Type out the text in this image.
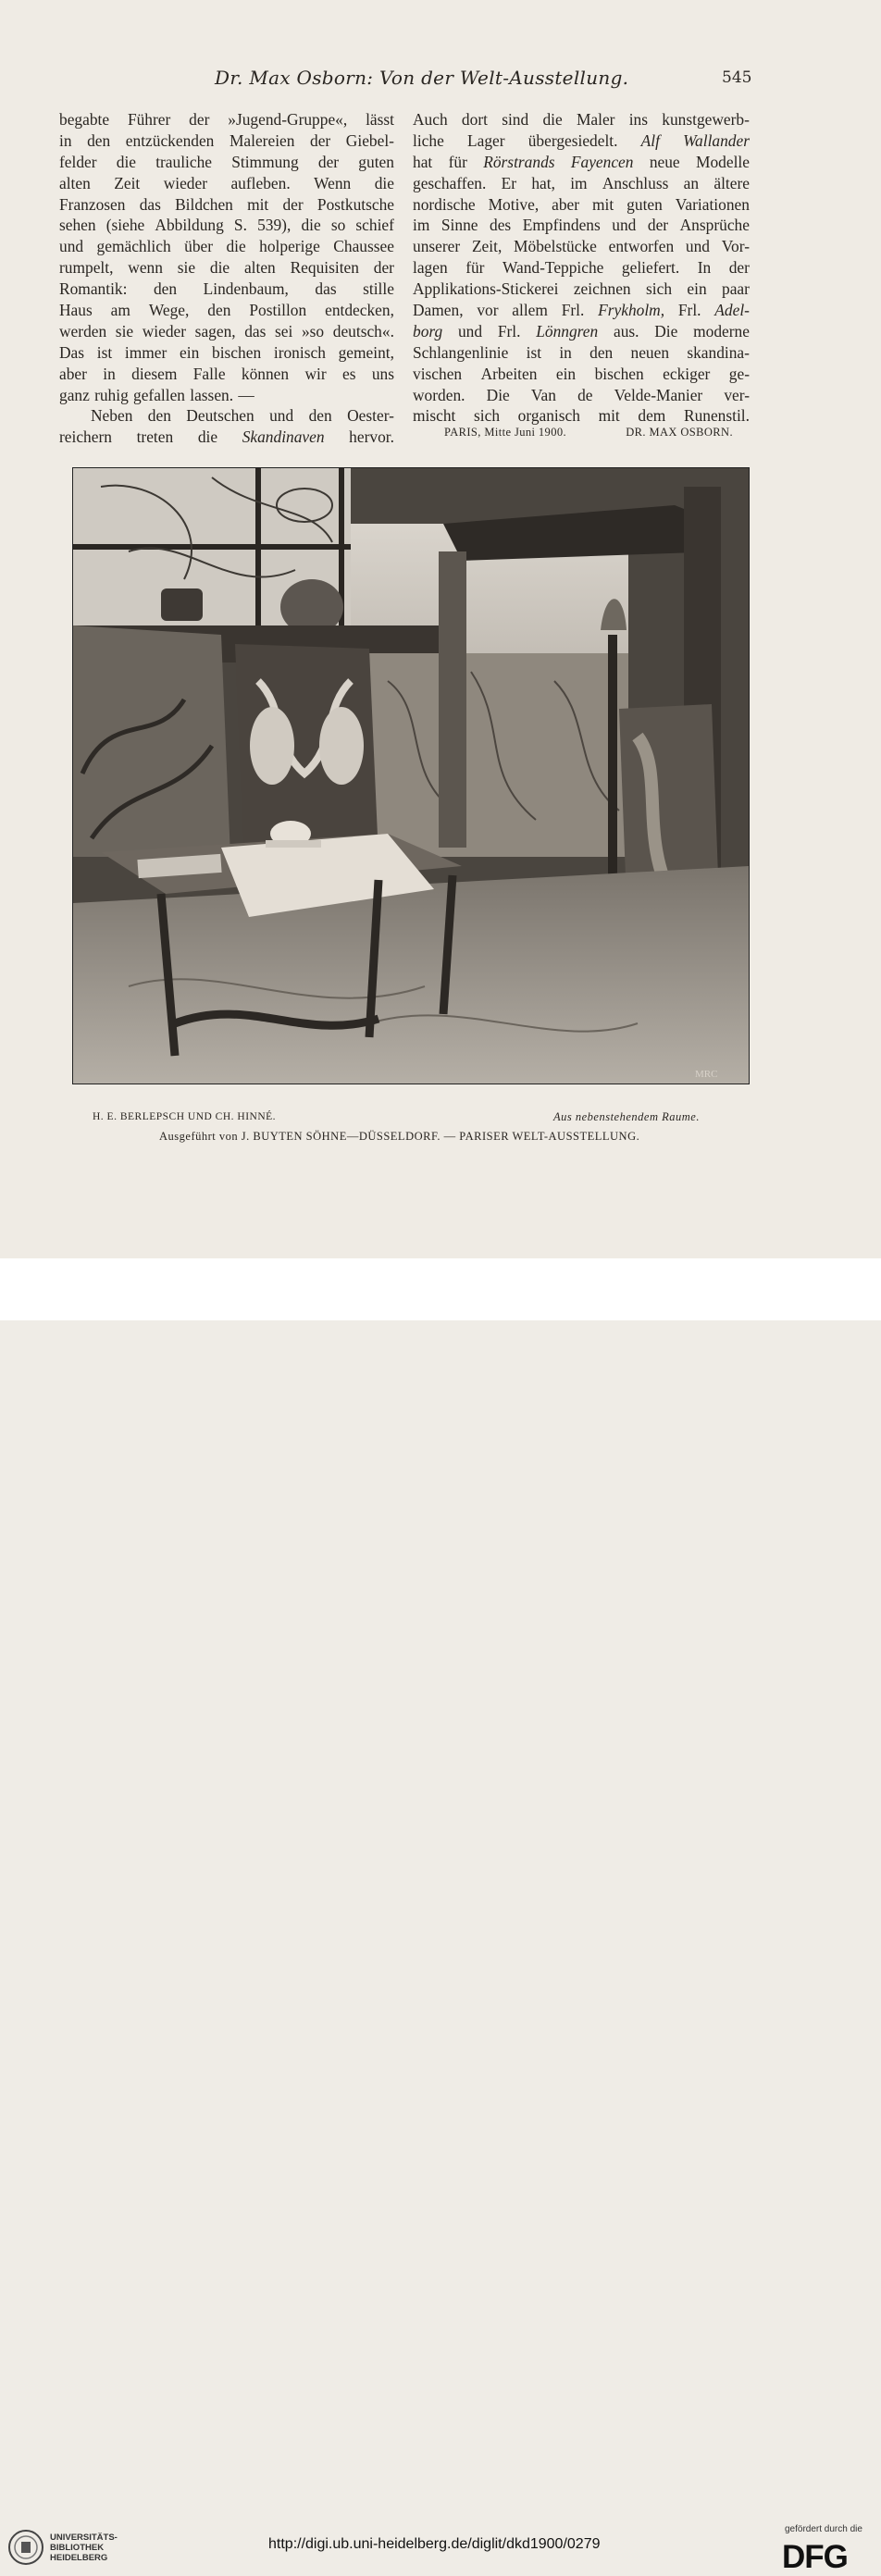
Dr. Max Osborn: Von der Welt-Ausstellung.	545
begabte Führer der »Jugend-Gruppe«, lässt
in den entzückenden Malereien der Giebel-
felder die trauliche Stimmung der guten
alten Zeit wieder aufleben. Wenn die
Franzosen das Bildchen mit der Postkutsche
sehen (siehe Abbildung S. 539), die so schief
und gemächlich über die holperige Chaussee
rumpelt, wenn sie die alten Requisiten der
Romantik: den Lindenbaum, das stille
Haus am Wege, den Postillon entdecken,
werden sie wieder sagen, das sei »so deutsch«.
Das ist immer ein bischen ironisch gemeint,
aber in diesem Falle können wir es uns
ganz ruhig gefallen lassen. —
Neben den Deutschen und den Oester-
reichern treten die Skandinaven hervor.
Auch dort sind die Maler ins kunstgewerb-
liche Lager übergesiedelt. Alf Wallander
hat für Rörstrands Fayencen neue Modelle
geschaffen. Er hat, im Anschluss an ältere
nordische Motive, aber mit guten Variationen
im Sinne des Empfindens und der Ansprüche
unserer Zeit, Möbelstücke entworfen und Vor-
lagen für Wand-Teppiche geliefert. In der
Applikations-Stickerei zeichnen sich ein paar
Damen, vor allem Frl. Frykholm, Frl. Adel-
borg und Frl. Lönngren aus. Die moderne
Schlangenlinie ist in den neuen skandina-
vischen Arbeiten ein bischen eckiger ge-
worden. Die Van de Velde-Manier ver-
mischt sich organisch mit dem Runenstil.
PARIS, Mitte Juni 1900.	DR. MAX OSBORN.
MRC
H. E. BERLEPSCH UND CH. HINNÉ.	Aus nebenstehendem Raume.
Ausgeführt von J. BUYTEN SÖHNE—DÜSSELDORF. — PARISER WELT-AUSSTELLUNG.
UNIVERSITÄTS-
BIBLIOTHEK
HEIDELBERG
http://digi.ub.uni-heidelberg.de/diglit/dkd1900/0279
gefördert durch die
DFG
